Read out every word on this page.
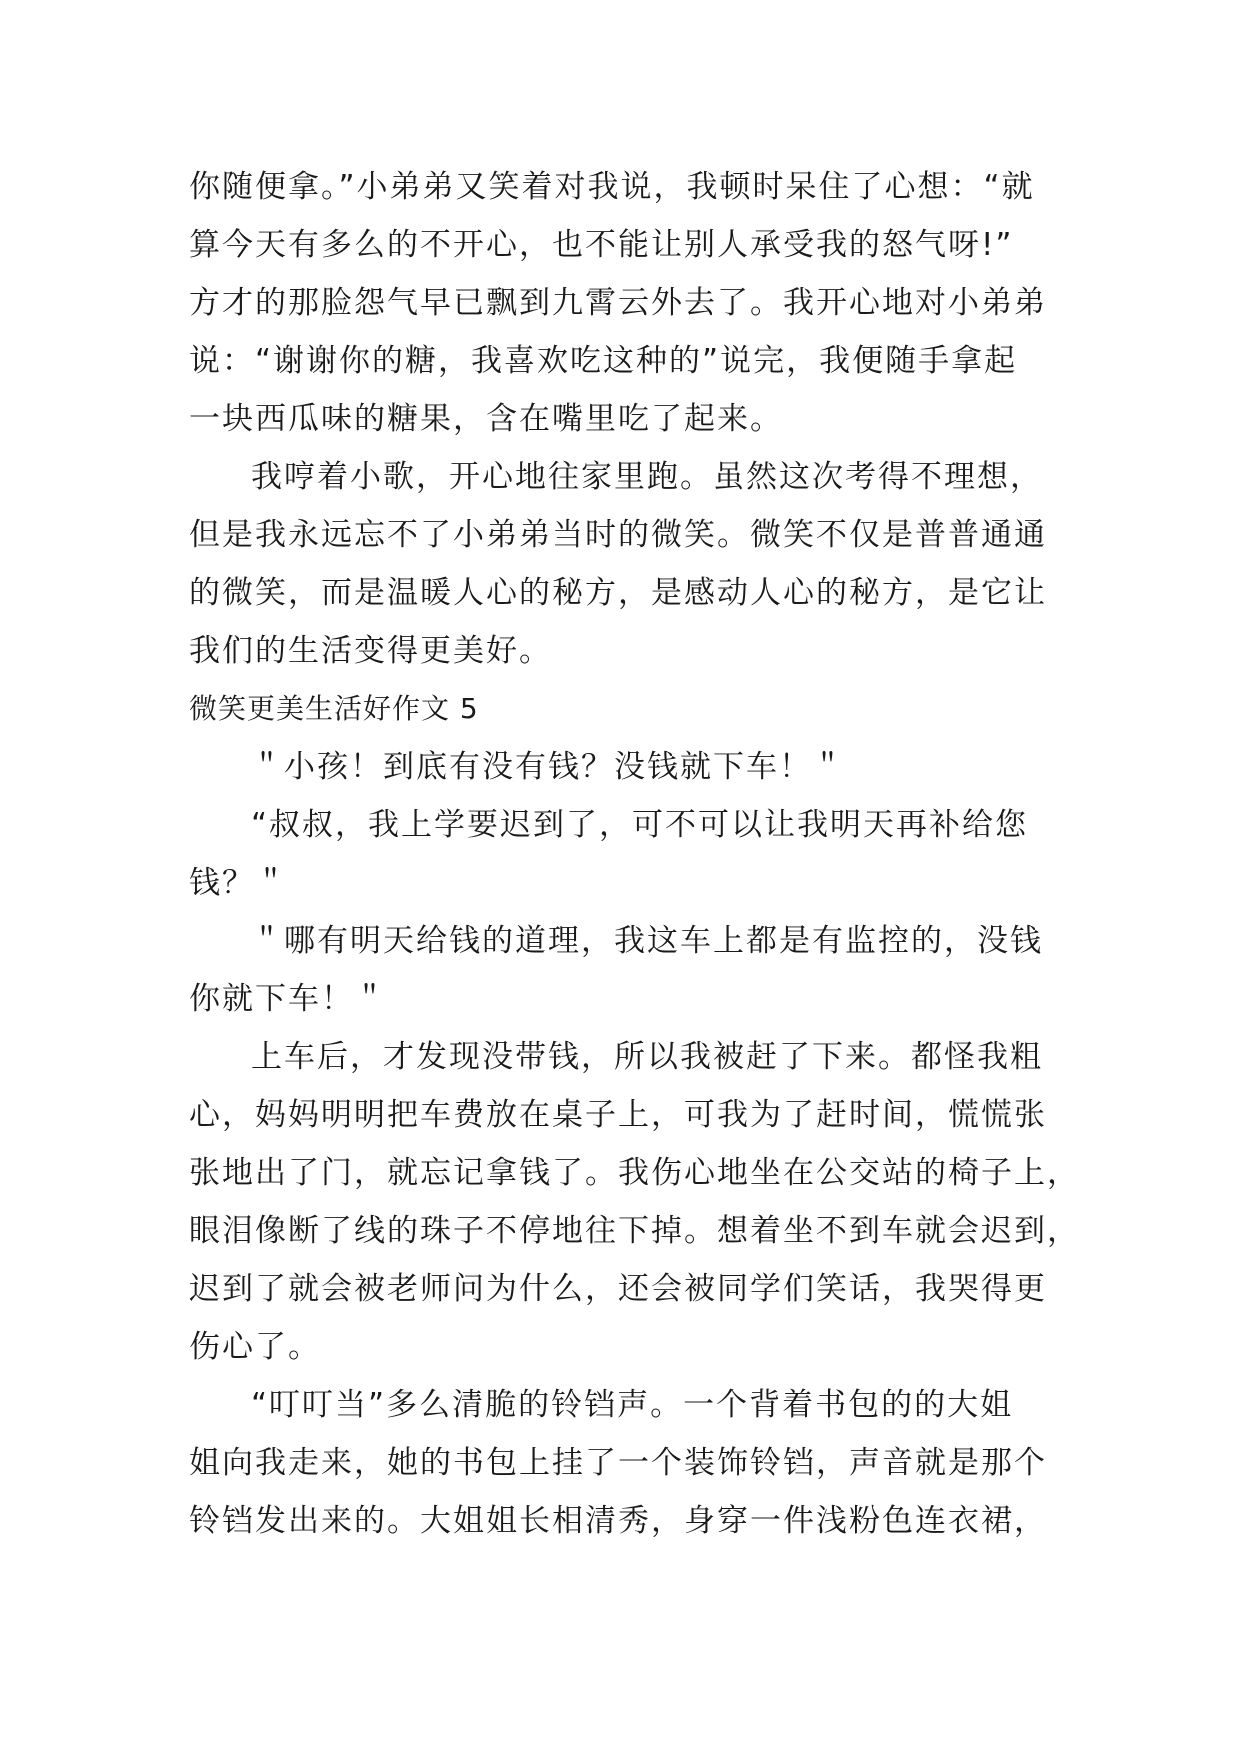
你随便拿。”小弟弟又笑着对我说，我顿时呆住了心想：“就
算今天有多么的不开心，也不能让别人承受我的怒气呀!”
方才的那脸怨气早已飘到九霄云外去了。我开心地对小弟弟
说：“谢谢你的糖，我喜欢吃这种的”说完，我便随手拿起
一块西瓜味的糖果，含在嘴里吃了起来。
我哼着小歌，开心地往家里跑。虽然这次考得不理想，
但是我永远忘不了小弟弟当时的微笑。微笑不仅是普普通通
的微笑，而是温暖人心的秘方，是感动人心的秘方，是它让
我们的生活变得更美好。
微笑更美生活好作文 5
＂小孩！到底有没有钱？没钱就下车！＂
“叔叔，我上学要迟到了，可不可以让我明天再补给您
钱？＂
＂哪有明天给钱的道理，我这车上都是有监控的，没钱
你就下车！＂
上车后，才发现没带钱，所以我被赶了下来。都怪我粗
心，妈妈明明把车费放在桌子上，可我为了赶时间，慌慌张
张地出了门，就忘记拿钱了。我伤心地坐在公交站的椅子上，
眼泪像断了线的珠子不停地往下掉。想着坐不到车就会迟到，
迟到了就会被老师问为什么，还会被同学们笑话，我哭得更
伤心了。
“叮叮当”多么清脆的铃铛声。一个背着书包的的大姐
姐向我走来，她的书包上挂了一个装饰铃铛，声音就是那个
铃铛发出来的。大姐姐长相清秀，身穿一件浅粉色连衣裙，
